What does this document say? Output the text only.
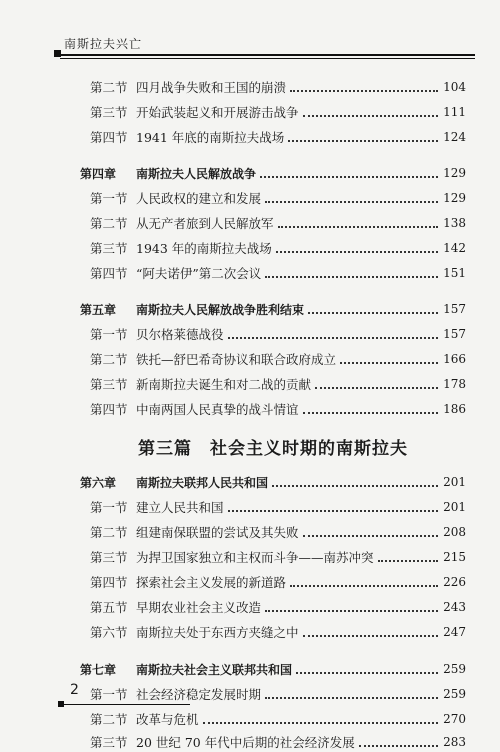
南斯拉夫兴亡
第二节 四月战争失败和王国的崩溃	104
第三节 开始武装起义和开展游击战争	111
第四节 1941 年底的南斯拉夫战场	124
第四章	南斯拉夫人民解放战争	129
第一节 人民政权的建立和发展	129
第二节 从无产者旅到人民解放军	138
第三节 1943 年的南斯拉夫战场	142
第四节 “阿夫诺伊”第二次会议	151
第五章	南斯拉夫人民解放战争胜利结束	157
第一节 贝尔格莱德战役	157
第二节 铁托—舒巴希奇协议和联合政府成立	166
第三节 新南斯拉夫诞生和对二战的贡献	178
第四节 中南两国人民真挚的战斗情谊	186
第三篇　社会主义时期的南斯拉夫
第六章	南斯拉夫联邦人民共和国	201
第一节 建立人民共和国	201
第二节 组建南保联盟的尝试及其失败	208
第三节 为捍卫国家独立和主权而斗争——南苏冲突	215
第四节 探索社会主义发展的新道路	226
第五节 早期农业社会主义改造	243
第六节 南斯拉夫处于东西方夹缝之中	247
第七章	南斯拉夫社会主义联邦共和国	259
第一节 社会经济稳定发展时期	259
第二节 改革与危机	270
第三节 20 世纪 70 年代中后期的社会经济发展	283
2
